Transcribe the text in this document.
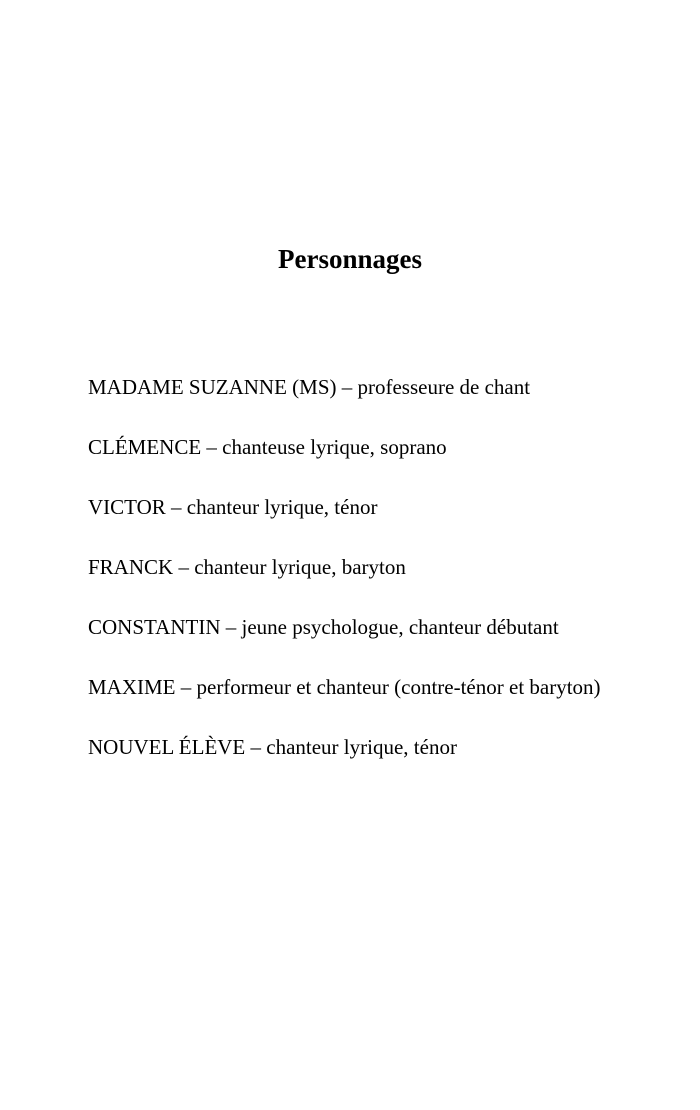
Personnages

MADAME SUZANNE (MS) – professeure de chant

CLÉMENCE – chanteuse lyrique, soprano

VICTOR – chanteur lyrique, ténor

FRANCK – chanteur lyrique, baryton

CONSTANTIN – jeune psychologue, chanteur débutant

MAXIME – performeur et chanteur (contre-ténor et baryton)

NOUVEL ÉLÈVE – chanteur lyrique, ténor
